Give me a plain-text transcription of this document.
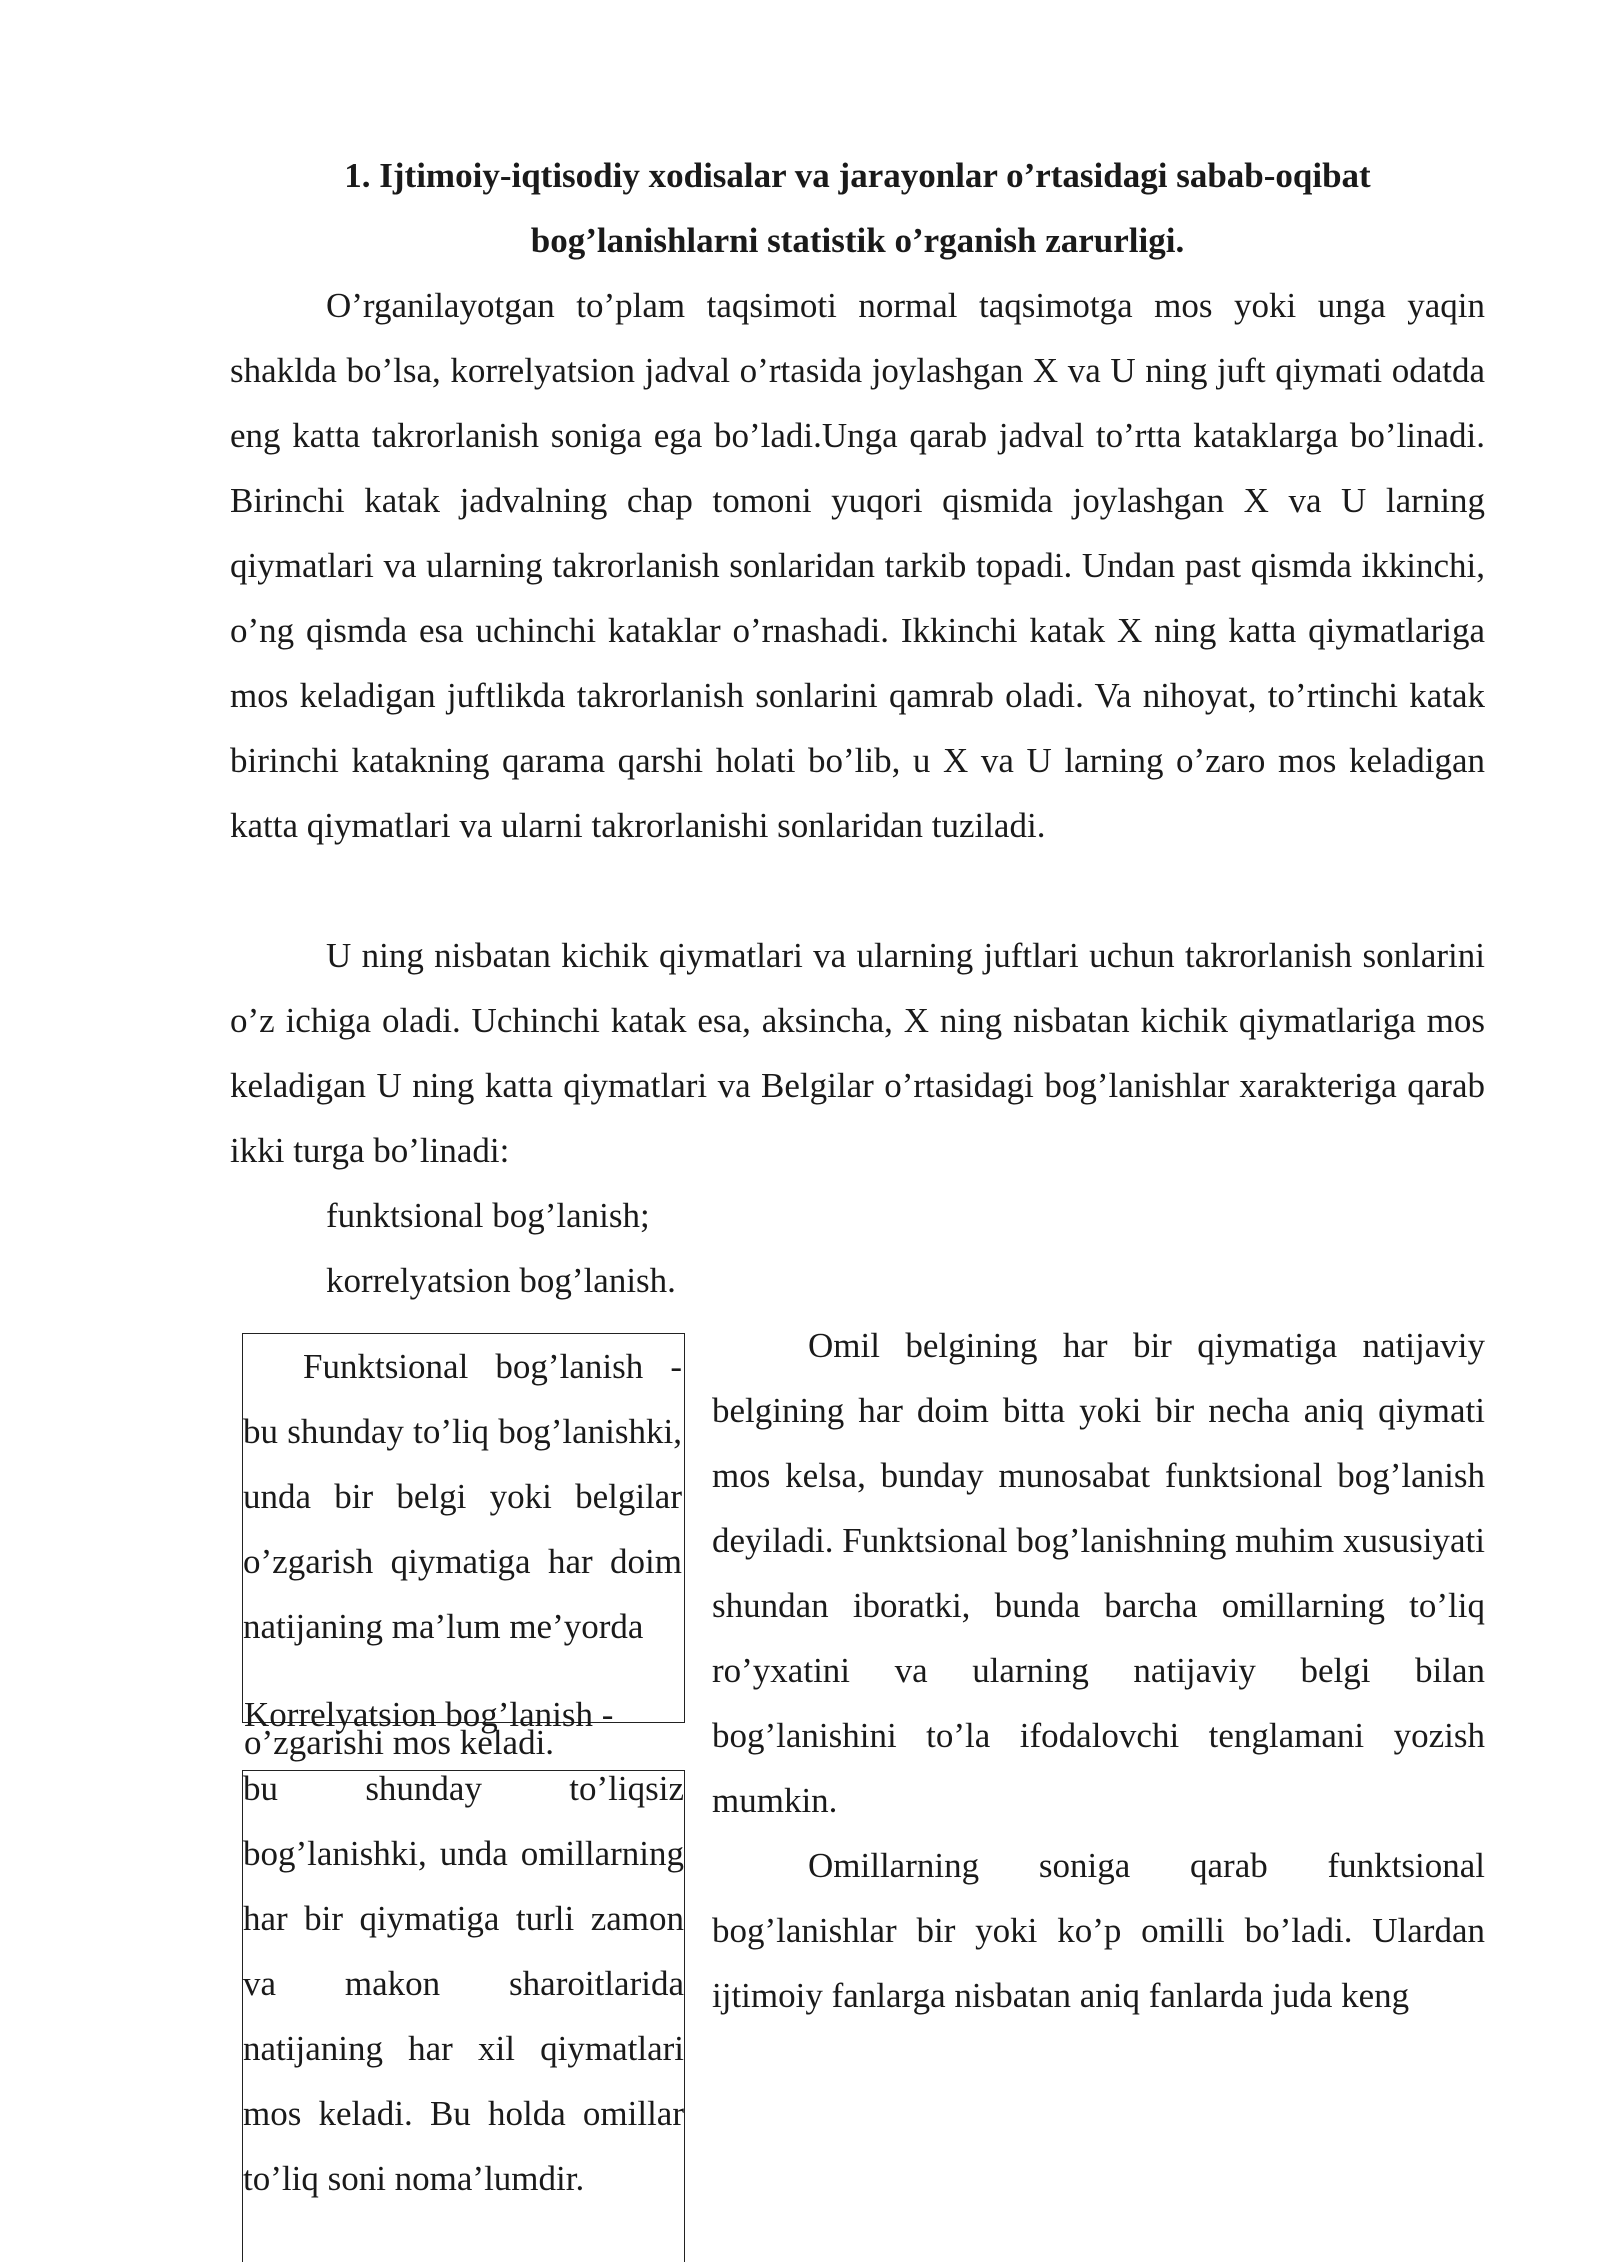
1. Ijtimoiy-iqtisodiy xodisalar va jarayonlar o’rtasidagi sabab-oqibat
bog’lanishlarni statistik o’rganish zarurligi.

O’rganilayotgan to’plam taqsimoti normal taqsimotga mos yoki unga yaqin shaklda bo’lsa, korrelyatsion jadval o’rtasida joylashgan X va U ning juft qiymati odatda eng katta takrorlanish soniga ega bo’ladi.Unga qarab jadval to’rtta kataklarga bo’linadi. Birinchi katak jadvalning chap tomoni yuqori qismida joylashgan X va U larning qiymatlari va ularning takrorlanish sonlaridan tarkib topadi. Undan past qismda ikkinchi, o’ng qismda esa uchinchi kataklar o’rnashadi. Ikkinchi katak X ning katta qiymatlariga mos keladigan juftlikda takrorlanish sonlarini qamrab oladi. Va nihoyat, to’rtinchi katak birinchi katakning qarama qarshi holati bo’lib, u X va U larning o’zaro mos keladigan katta qiymatlari va ularni takrorlanishi sonlaridan tuziladi.

U ning nisbatan kichik qiymatlari va ularning juftlari uchun takrorlanish sonlarini o’z ichiga oladi. Uchinchi katak esa, aksincha, X ning nisbatan kichik qiymatlariga mos keladigan U ning katta qiymatlari va Belgilar o’rtasidagi bog’lanishlar xarakteriga qarab ikki turga bo’linadi:

funktsional bog’lanish;
korrelyatsion bog’lanish.

Funktsional bog’lanish - bu shunday to’liq bog’lanishki, unda bir belgi yoki belgilar o’zgarish qiymatiga har doim natijaning ma’lum me’yorda

o’zgarishi mos keladi.
Korrelyatsion bog’lanish -

bu shunday to’liqsiz bog’lanishki, unda omillarning har bir qiymatiga turli zamon va makon sharoitlarida natijaning har xil qiymatlari mos keladi. Bu holda omillar to’liq soni noma’lumdir.

Omil belgining har bir qiymatiga natijaviy belgining har doim bitta yoki bir necha aniq qiymati mos kelsa, bunday munosabat funktsional bog’lanish deyiladi. Funktsional bog’lanishning muhim xususiyati shundan iboratki, bunda barcha omillarning to’liq ro’yxatini va ularning natijaviy belgi bilan bog’lanishini to’la ifodalovchi tenglamani yozish mumkin.

Omillarning soniga qarab funktsional bog’lanishlar bir yoki ko’p omilli bo’ladi. Ulardan ijtimoiy fanlarga nisbatan aniq fanlarda juda keng
